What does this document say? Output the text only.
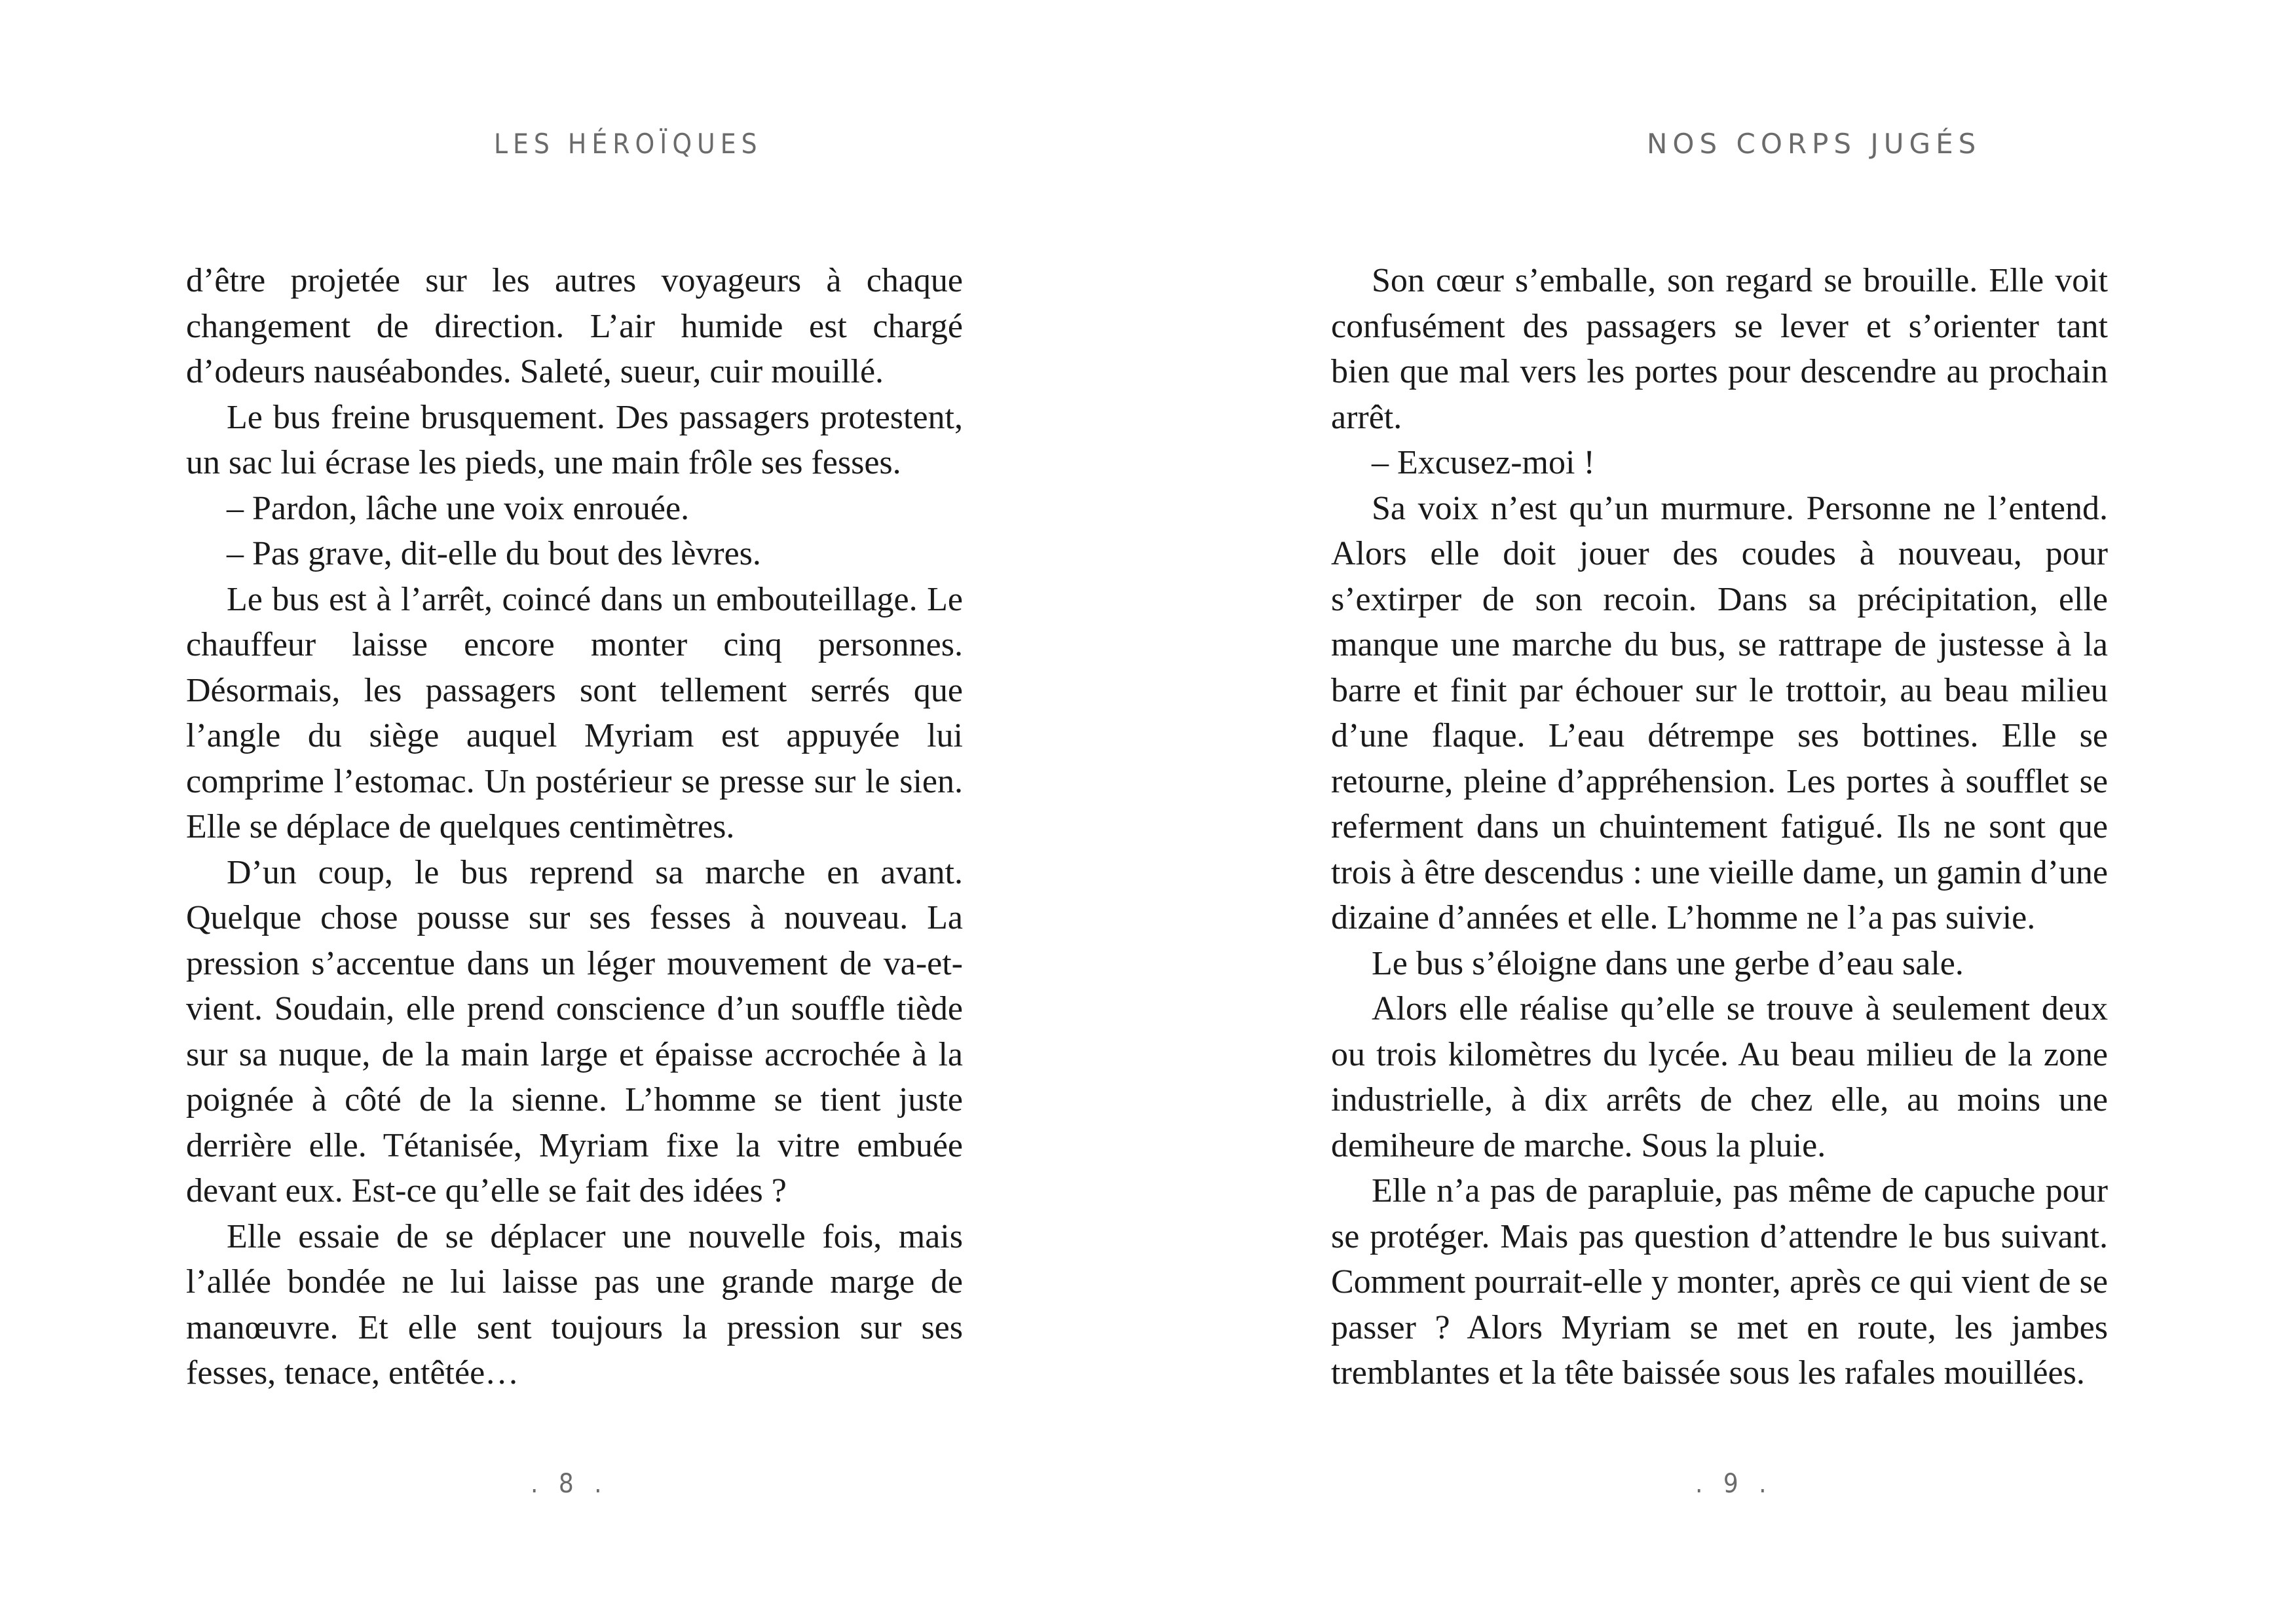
LES HÉROÏQUES

d’être projetée sur les autres voyageurs à chaque changement de direction. L’air humide est chargé d’odeurs nauséabondes. Saleté, sueur, cuir mouillé.

Le bus freine brusquement. Des passagers protestent, un sac lui écrase les pieds, une main frôle ses fesses.

– Pardon, lâche une voix enrouée.

– Pas grave, dit-elle du bout des lèvres.

Le bus est à l’arrêt, coincé dans un embouteillage. Le chauffeur laisse encore monter cinq personnes. Désormais, les passagers sont tellement serrés que l’angle du siège auquel Myriam est appuyée lui comprime l’estomac. Un postérieur se presse sur le sien. Elle se déplace de quelques centimètres.

D’un coup, le bus reprend sa marche en avant. Quelque chose pousse sur ses fesses à nouveau. La pression s’accentue dans un léger mouvement de va-et-vient. Soudain, elle prend conscience d’un souffle tiède sur sa nuque, de la main large et épaisse accrochée à la poignée à côté de la sienne. L’homme se tient juste derrière elle. Tétanisée, Myriam fixe la vitre embuée devant eux. Est-ce qu’elle se fait des idées ?

Elle essaie de se déplacer une nouvelle fois, mais l’allée bondée ne lui laisse pas une grande marge de manœuvre. Et elle sent toujours la pression sur ses fesses, tenace, entêtée…

. 8 .
NOS CORPS JUGÉS

Son cœur s’emballe, son regard se brouille. Elle voit confusément des passagers se lever et s’orienter tant bien que mal vers les portes pour descendre au prochain arrêt.

– Excusez-moi !

Sa voix n’est qu’un murmure. Personne ne l’entend. Alors elle doit jouer des coudes à nouveau, pour s’extirper de son recoin. Dans sa précipitation, elle manque une marche du bus, se rattrape de justesse à la barre et finit par échouer sur le trottoir, au beau milieu d’une flaque. L’eau détrempe ses bottines. Elle se retourne, pleine d’appréhension. Les portes à soufflet se referment dans un chuintement fatigué. Ils ne sont que trois à être descendus : une vieille dame, un gamin d’une dizaine d’années et elle. L’homme ne l’a pas suivie.

Le bus s’éloigne dans une gerbe d’eau sale.

Alors elle réalise qu’elle se trouve à seulement deux ou trois kilomètres du lycée. Au beau milieu de la zone industrielle, à dix arrêts de chez elle, au moins une demiheure de marche. Sous la pluie.

Elle n’a pas de parapluie, pas même de capuche pour se protéger. Mais pas question d’attendre le bus suivant. Comment pourrait-elle y monter, après ce qui vient de se passer ? Alors Myriam se met en route, les jambes tremblantes et la tête baissée sous les rafales mouillées.

. 9 .
